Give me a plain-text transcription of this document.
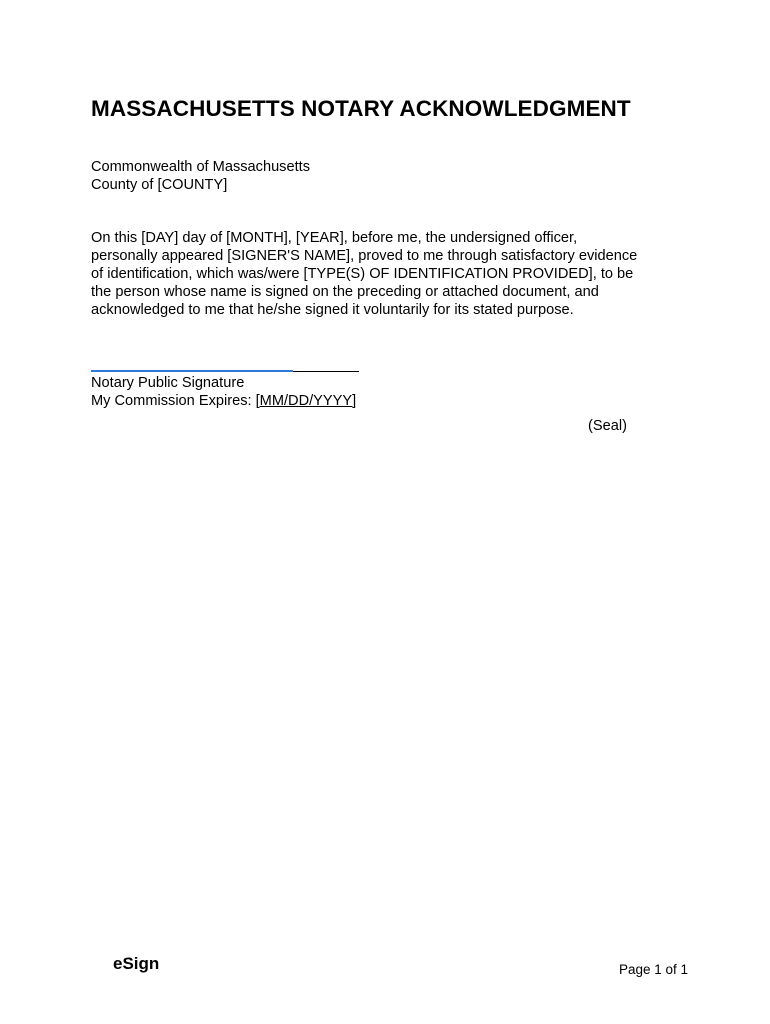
MASSACHUSETTS NOTARY ACKNOWLEDGMENT
Commonwealth of Massachusetts
County of [COUNTY]
On this [DAY] day of [MONTH], [YEAR], before me, the undersigned officer,
personally appeared [SIGNER'S NAME], proved to me through satisfactory evidence
of identification, which was/were [TYPE(S) OF IDENTIFICATION PROVIDED], to be
the person whose name is signed on the preceding or attached document, and
acknowledged to me that he/she signed it voluntarily for its stated purpose.
Notary Public Signature
My Commission Expires: [MM/DD/YYYY]
(Seal)
eSign	Page 1 of 1
